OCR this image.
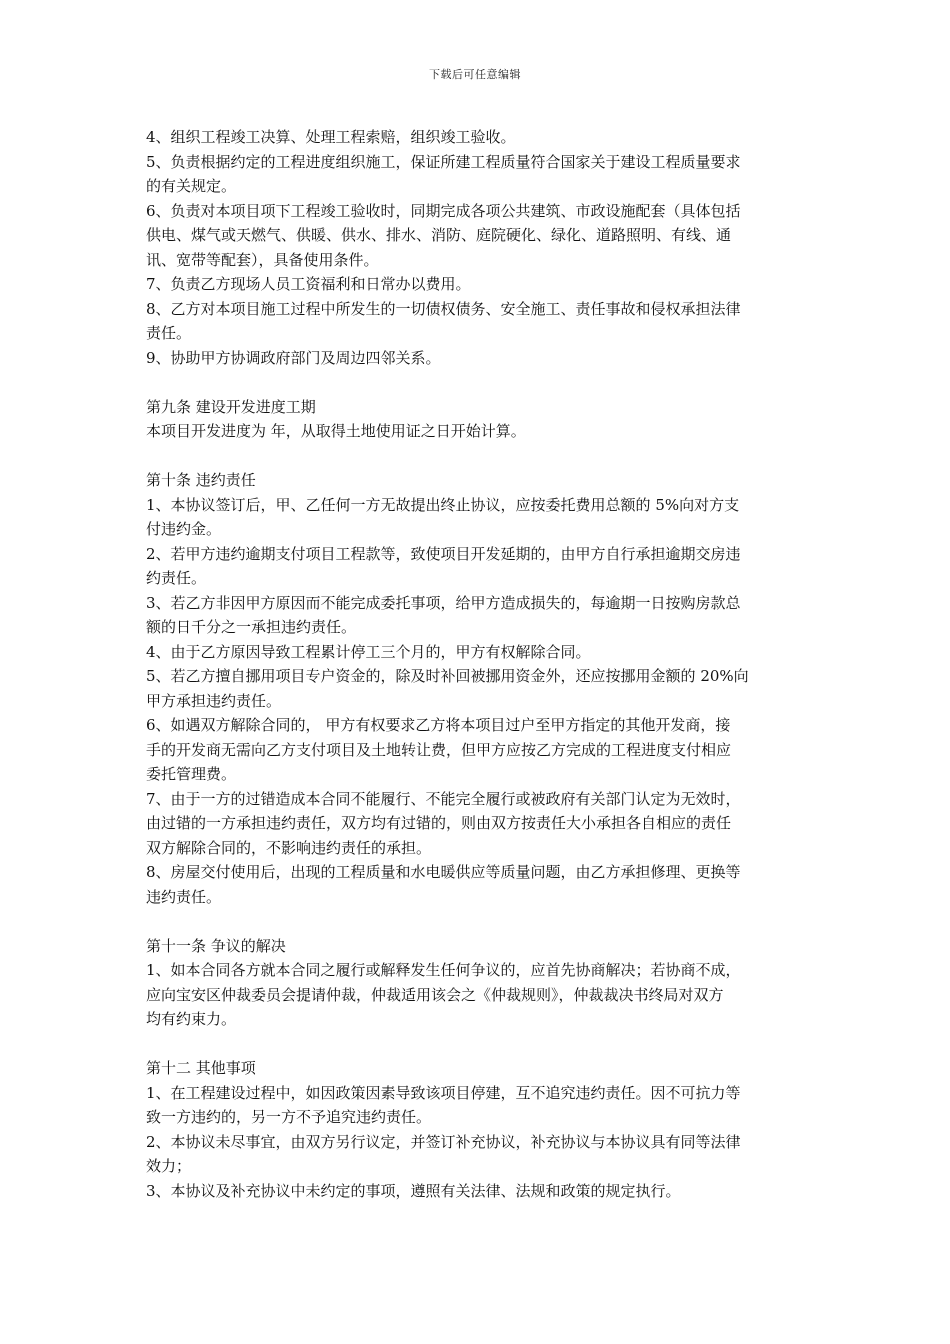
下载后可任意编辑
4、组织工程竣工决算、处理工程索赔，组织竣工验收。
5、负责根据约定的工程进度组织施工，保证所建工程质量符合国家关于建设工程质量要求
的有关规定。
6、负责对本项目项下工程竣工验收时，同期完成各项公共建筑、市政设施配套（具体包括
供电、煤气或天燃气、供暖、供水、排水、消防、庭院硬化、绿化、道路照明、有线、通
讯、宽带等配套），具备使用条件。
7、负责乙方现场人员工资福利和日常办以费用。
8、乙方对本项目施工过程中所发生的一切债权债务、安全施工、责任事故和侵权承担法律
责任。
9、协助甲方协调政府部门及周边四邻关系。
第九条 建设开发进度工期
本项目开发进度为 年，从取得土地使用证之日开始计算。
第十条 违约责任
1、本协议签订后，甲、乙任何一方无故提出终止协议，应按委托费用总额的 5%向对方支
付违约金。
2、若甲方违约逾期支付项目工程款等，致使项目开发延期的，由甲方自行承担逾期交房违
约责任。
3、若乙方非因甲方原因而不能完成委托事项，给甲方造成损失的，每逾期一日按购房款总
额的日千分之一承担违约责任。
4、由于乙方原因导致工程累计停工三个月的，甲方有权解除合同。
5、若乙方擅自挪用项目专户资金的，除及时补回被挪用资金外，还应按挪用金额的 20%向
甲方承担违约责任。
6、如遇双方解除合同的， 甲方有权要求乙方将本项目过户至甲方指定的其他开发商，接
手的开发商无需向乙方支付项目及土地转让费，但甲方应按乙方完成的工程进度支付相应
委托管理费。
7、由于一方的过错造成本合同不能履行、不能完全履行或被政府有关部门认定为无效时，
由过错的一方承担违约责任，双方均有过错的，则由双方按责任大小承担各自相应的责任
双方解除合同的，不影响违约责任的承担。
8、房屋交付使用后，出现的工程质量和水电暖供应等质量问题，由乙方承担修理、更换等
违约责任。
第十一条 争议的解决
1、如本合同各方就本合同之履行或解释发生任何争议的，应首先协商解决；若协商不成，
应向宝安区仲裁委员会提请仲裁，仲裁适用该会之《仲裁规则》，仲裁裁决书终局对双方
均有约束力。
第十二 其他事项
1、在工程建设过程中，如因政策因素导致该项目停建，互不追究违约责任。因不可抗力等
致一方违约的，另一方不予追究违约责任。
2、本协议未尽事宜，由双方另行议定，并签订补充协议，补充协议与本协议具有同等法律
效力；
3、本协议及补充协议中未约定的事项，遵照有关法律、法规和政策的规定执行。
